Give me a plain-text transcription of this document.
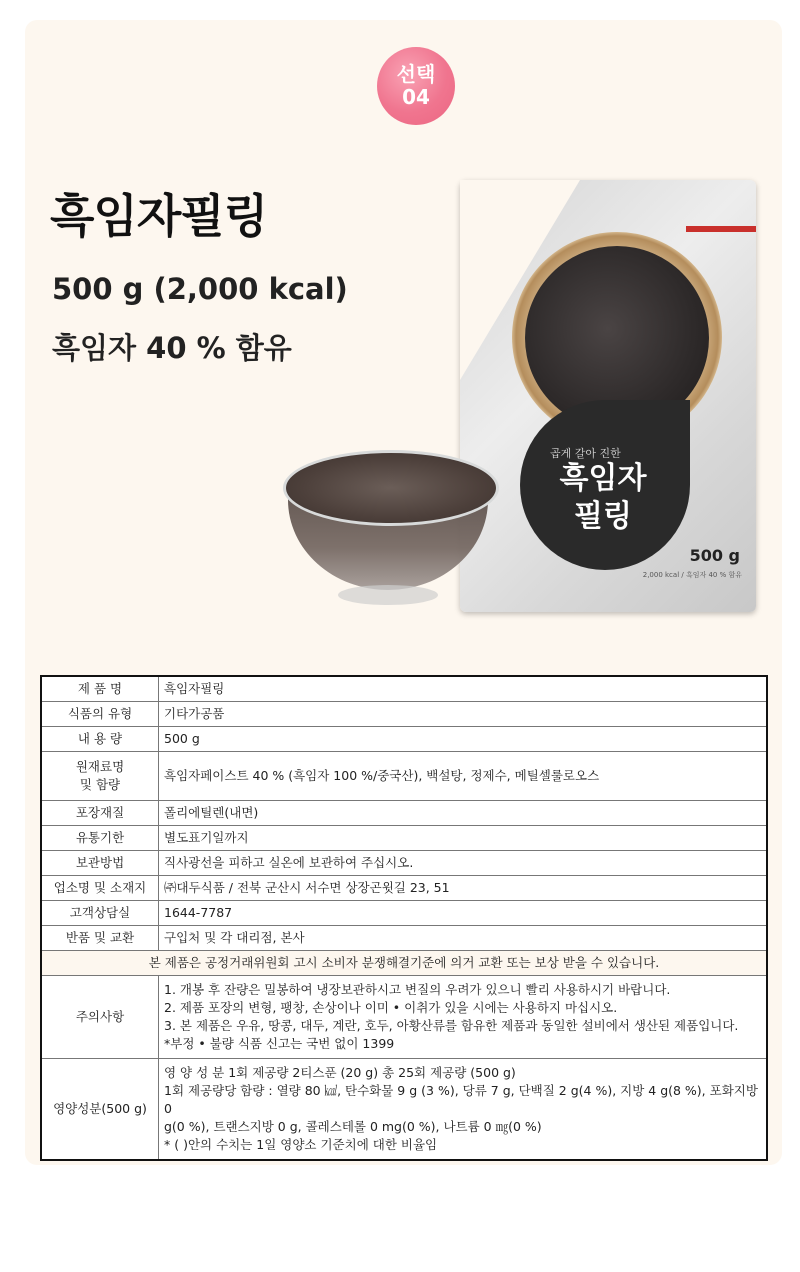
선택
04
흑임자필링
500 g (2,000 kcal)
흑임자 40 % 함유
곱게 갈아 진한
흑임자
필링
500 g
2,000 kcal / 흑임자 40 % 함유
제 품 명	흑임자필링
식품의 유형	기타가공품
내 용 량	500 g

원재료명
및 함량	흑임자페이스트 40 % (흑임자 100 %/중국산), 백설탕, 정제수, 메틸셀룰로오스
포장재질	폴리에틸렌(내면)
유통기한	별도표기일까지
보관방법	직사광선을 피하고 실온에 보관하여 주십시오.
업소명 및 소재지	㈜대두식품 / 전북 군산시 서수면 상장곤윗길 23, 51
고객상담실	1644-7787
반품 및 교환	구입처 및 각 대리점, 본사
본 제품은 공정거래위원회 고시 소비자 분쟁해결기준에 의거 교환 또는 보상 받을 수 있습니다.	
주의사항	1. 개봉 후 잔량은 밀봉하여 냉장보관하시고 변질의 우려가 있으니 빨리 사용하시기 바랍니다.
2. 제품 포장의 변형, 팽창, 손상이나 이미 • 이취가 있을 시에는 사용하지 마십시오.
3. 본 제품은 우유, 땅콩, 대두, 계란, 호두, 아황산류를 함유한 제품과 동일한 설비에서 생산된 제품입니다.
*부정 • 불량 식품 신고는 국번 없이 1399

영양성분(500 g)	영 양 성 분 1회 제공량 2티스푼 (20 g) 총 25회 제공량 (500 g)
1회 제공량당 함량 : 열량 80 ㎉, 탄수화물 9 g (3 %), 당류 7 g, 단백질 2 g(4 %), 지방 4 g(8 %), 포화지방 0
g(0 %), 트랜스지방 0 g, 콜레스테롤 0 mg(0 %), 나트륨 0 ㎎(0 %)
* ( )안의 수치는 1일 영양소 기준치에 대한 비율임
